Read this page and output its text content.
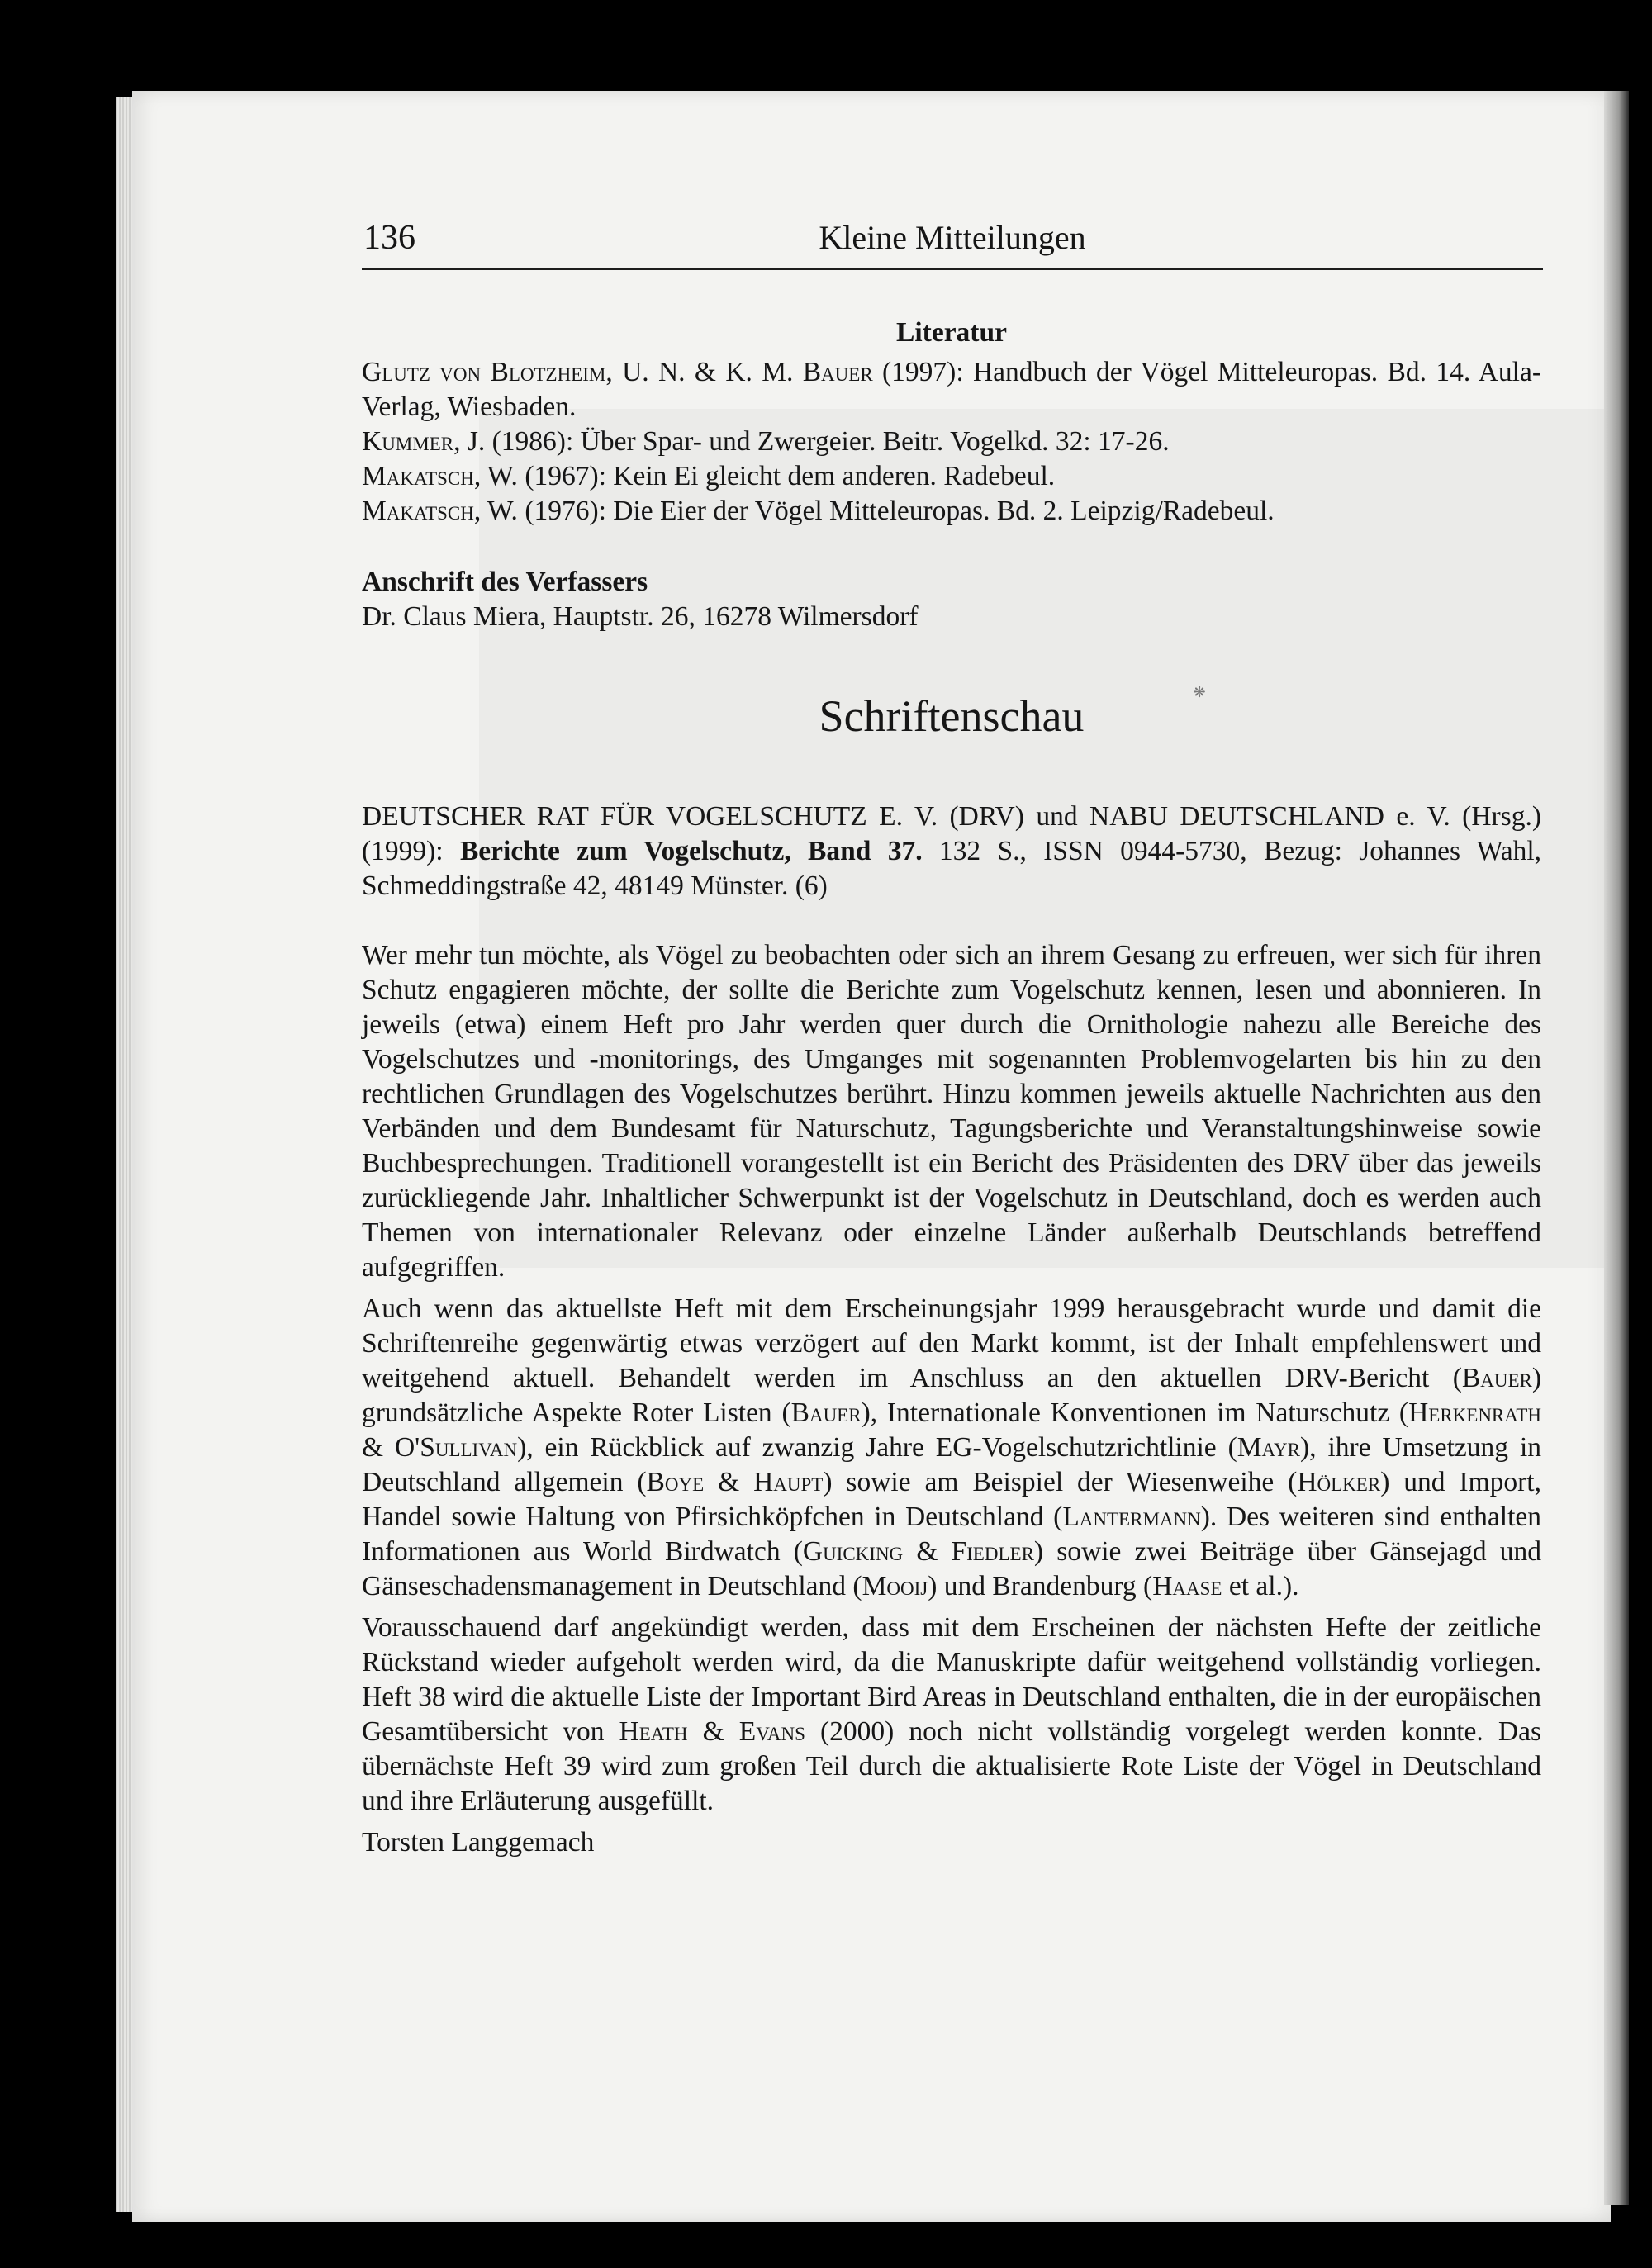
136	Kleine Mitteilungen
Literatur
Glutz von Blotzheim, U. N. & K. M. Bauer (1997): Handbuch der Vögel Mitteleuropas. Bd. 14. Aula-Verlag, Wiesbaden.
Kummer, J. (1986): Über Spar- und Zwergeier. Beitr. Vogelkd. 32: 17-26.
Makatsch, W. (1967): Kein Ei gleicht dem anderen. Radebeul.
Makatsch, W. (1976): Die Eier der Vögel Mitteleuropas. Bd. 2. Leipzig/Radebeul.
Anschrift des Verfassers
Dr. Claus Miera, Hauptstr. 26, 16278 Wilmersdorf
❋
Schriftenschau
DEUTSCHER RAT FÜR VOGELSCHUTZ E. V. (DRV) und NABU DEUTSCHLAND e. V. (Hrsg.) (1999): Berichte zum Vogelschutz, Band 37. 132 S., ISSN 0944-5730, Bezug: Johannes Wahl, Schmeddingstraße 42, 48149 Münster. (6)
Wer mehr tun möchte, als Vögel zu beobachten oder sich an ihrem Gesang zu erfreuen, wer sich für ihren Schutz engagieren möchte, der sollte die Berichte zum Vogelschutz kennen, lesen und abonnieren. In jeweils (etwa) einem Heft pro Jahr werden quer durch die Ornithologie nahezu alle Bereiche des Vogelschutzes und -monitorings, des Umganges mit sogenannten Problemvogelarten bis hin zu den rechtlichen Grundlagen des Vogelschutzes berührt. Hinzu kommen jeweils aktuelle Nachrichten aus den Verbänden und dem Bundesamt für Naturschutz, Tagungsberichte und Veranstaltungshinweise sowie Buchbesprechungen. Traditionell vorangestellt ist ein Bericht des Präsidenten des DRV über das jeweils zurückliegende Jahr. Inhaltlicher Schwerpunkt ist der Vogelschutz in Deutschland, doch es werden auch Themen von internationaler Relevanz oder einzelne Länder außerhalb Deutschlands betreffend aufgegriffen.
Auch wenn das aktuellste Heft mit dem Erscheinungsjahr 1999 herausgebracht wurde und damit die Schriftenreihe gegenwärtig etwas verzögert auf den Markt kommt, ist der Inhalt empfehlenswert und weitgehend aktuell. Behandelt werden im Anschluss an den aktuellen DRV-Bericht (Bauer) grundsätzliche Aspekte Roter Listen (Bauer), Internationale Konventionen im Naturschutz (Herkenrath & O'Sullivan), ein Rückblick auf zwanzig Jahre EG-Vogelschutzrichtlinie (Mayr), ihre Umsetzung in Deutschland allgemein (Boye & Haupt) sowie am Beispiel der Wiesenweihe (Hölker) und Import, Handel sowie Haltung von Pfirsichköpfchen in Deutschland (Lantermann). Des weiteren sind enthalten Informationen aus World Birdwatch (Guicking & Fiedler) sowie zwei Beiträge über Gänsejagd und Gänseschadensmanagement in Deutschland (Mooij) und Brandenburg (Haase et al.).
Vorausschauend darf angekündigt werden, dass mit dem Erscheinen der nächsten Hefte der zeitliche Rückstand wieder aufgeholt werden wird, da die Manuskripte dafür weitgehend vollständig vorliegen. Heft 38 wird die aktuelle Liste der Important Bird Areas in Deutschland enthalten, die in der europäischen Gesamtübersicht von Heath & Evans (2000) noch nicht vollständig vorgelegt werden konnte. Das übernächste Heft 39 wird zum großen Teil durch die aktualisierte Rote Liste der Vögel in Deutschland und ihre Erläuterung ausgefüllt.
Torsten Langgemach
